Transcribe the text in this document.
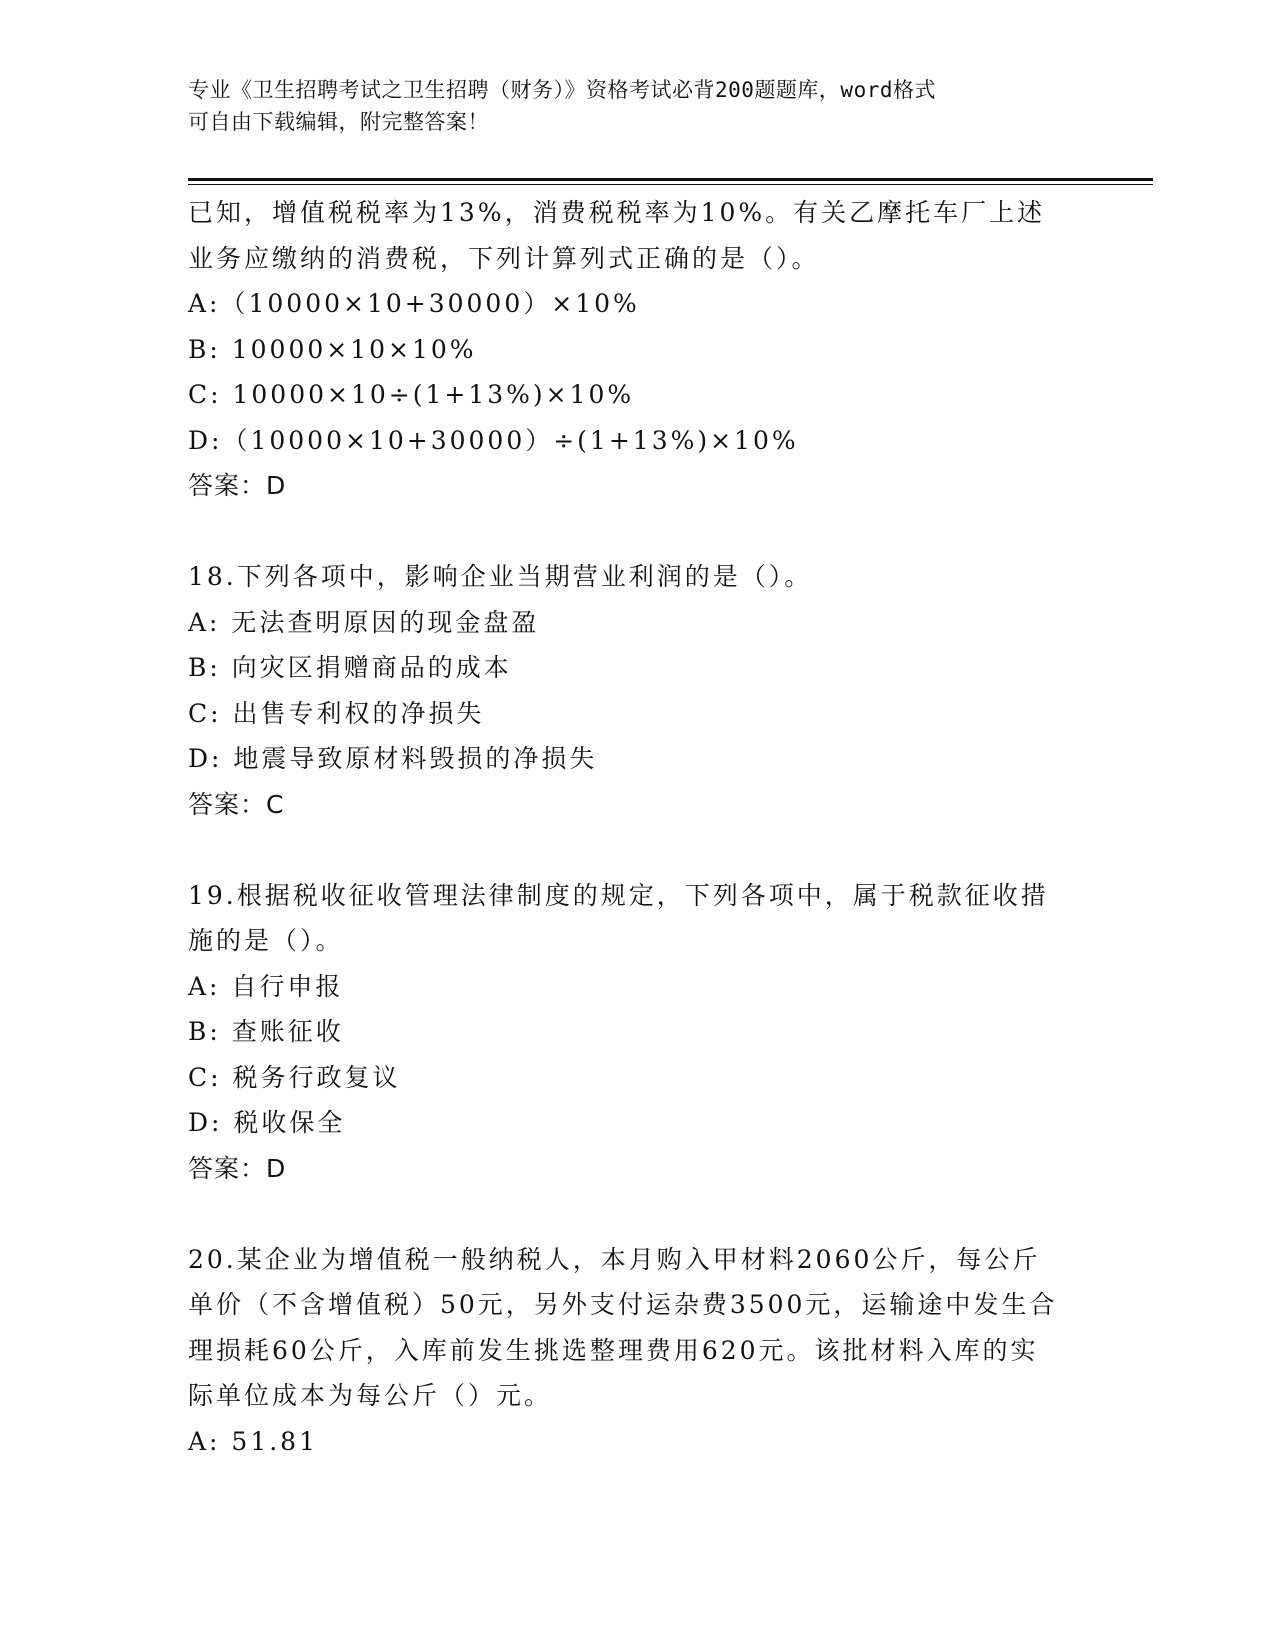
专业《卫生招聘考试之卫生招聘（财务）》资格考试必背200题题库，word格式
可自由下载编辑，附完整答案！
已知，增值税税率为13%，消费税税率为10%。有关乙摩托车厂上述
业务应缴纳的消费税，下列计算列式正确的是（）。
A:（10000×10+30000）×10%
B: 10000×10×10%
C: 10000×10÷(1+13%)×10%
D:（10000×10+30000）÷(1+13%)×10%
答案：D
18.下列各项中，影响企业当期营业利润的是（）。
A: 无法查明原因的现金盘盈
B: 向灾区捐赠商品的成本
C: 出售专利权的净损失
D: 地震导致原材料毁损的净损失
答案：C
19.根据税收征收管理法律制度的规定，下列各项中，属于税款征收措
施的是（）。
A: 自行申报
B: 查账征收
C: 税务行政复议
D: 税收保全
答案：D
20.某企业为增值税一般纳税人，本月购入甲材料2060公斤，每公斤
单价（不含增值税）50元，另外支付运杂费3500元，运输途中发生合
理损耗60公斤，入库前发生挑选整理费用620元。该批材料入库的实
际单位成本为每公斤（）元。
A: 51.81
